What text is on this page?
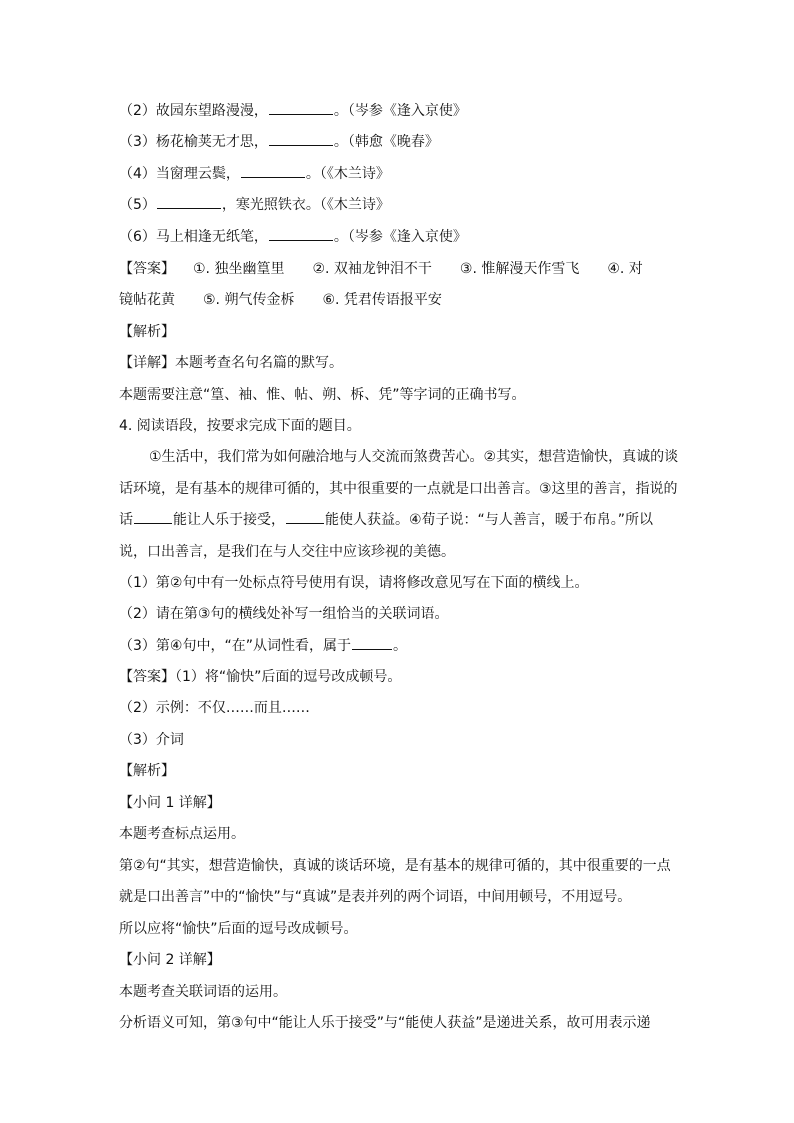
（2）故园东望路漫漫，	。（岑参《逢入京使》
（3）杨花榆荚无才思，	。（韩愈《晚春》
（4）当窗理云鬓，	。（《木兰诗》
（5）	，寒光照铁衣。（《木兰诗》
（6）马上相逢无纸笔，	。（岑参《逢入京使》
【答案】 ①. 独坐幽篁里　　②. 双袖龙钟泪不干　　③. 惟解漫天作雪飞　　④. 对
镜帖花黄　　⑤. 朔气传金柝　　⑥. 凭君传语报平安
【解析】
【详解】本题考查名句名篇的默写。
本题需要注意“篁、袖、惟、帖、朔、柝、凭”等字词的正确书写。
4. 阅读语段，按要求完成下面的题目。
①生活中，我们常为如何融洽地与人交流而煞费苦心。②其实，想营造愉快，真诚的谈
话环境，是有基本的规律可循的，其中很重要的一点就是口出善言。③这里的善言，指说的
话	能让人乐于接受，	能使人获益。④荀子说：“与人善言，暖于布帛。”所以
说，口出善言，是我们在与人交往中应该珍视的美德。
（1）第②句中有一处标点符号使用有误，请将修改意见写在下面的横线上。
（2）请在第③句的横线处补写一组恰当的关联词语。
（3）第④句中，“在”从词性看，属于	。
【答案】（1）将“愉快”后面的逗号改成顿号。
（2）示例：不仅……而且……
（3）介词
【解析】
【小问 1 详解】
本题考查标点运用。
第②句“其实，想营造愉快，真诚的谈话环境，是有基本的规律可循的，其中很重要的一点
就是口出善言”中的“愉快”与“真诚”是表并列的两个词语，中间用顿号，不用逗号。
所以应将“愉快”后面的逗号改成顿号。
【小问 2 详解】
本题考查关联词语的运用。
分析语义可知，第③句中“能让人乐于接受”与“能使人获益”是递进关系，故可用表示递
